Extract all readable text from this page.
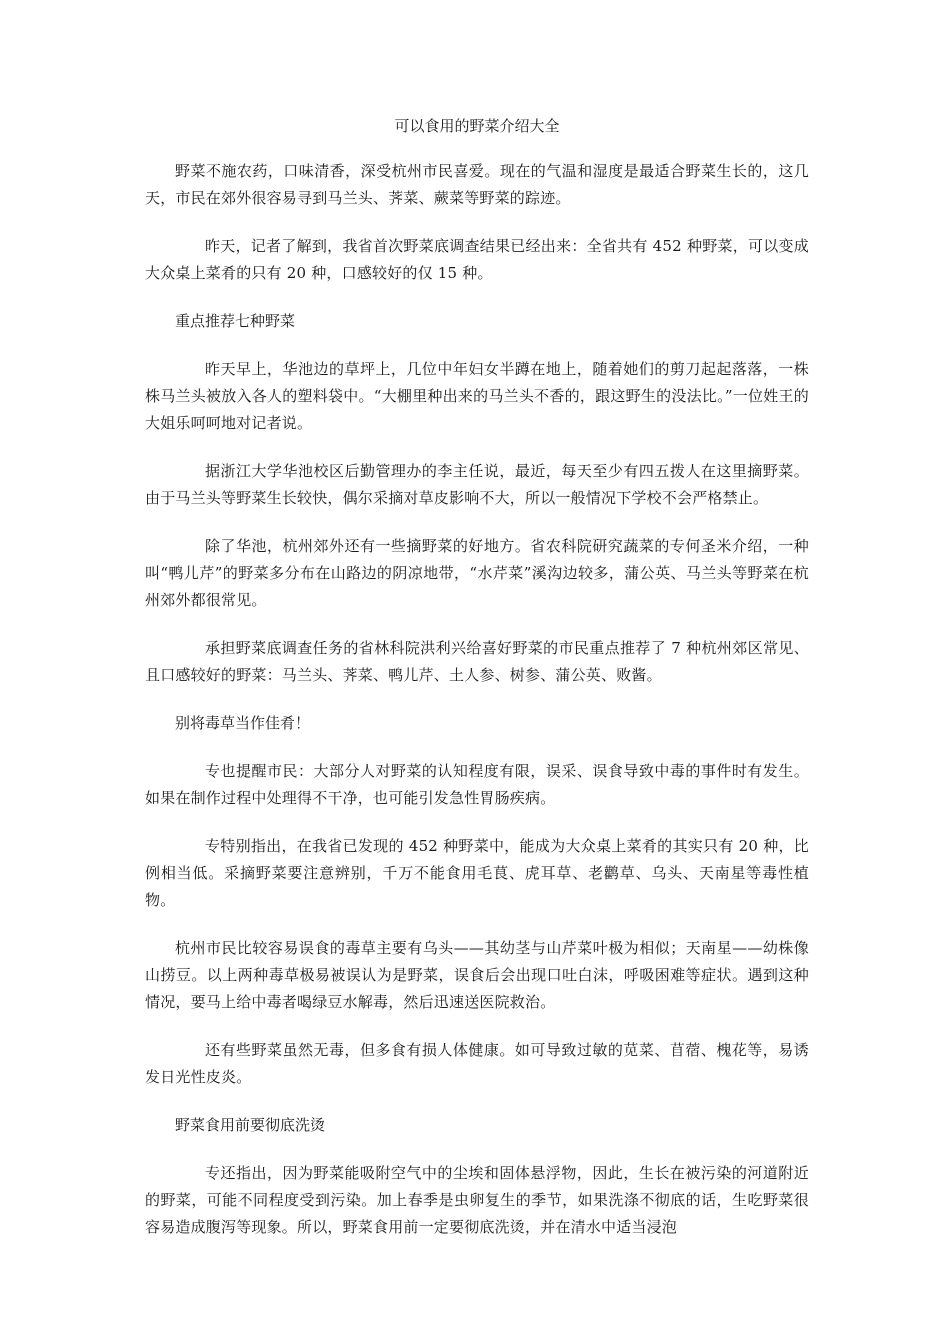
可以食用的野菜介绍大全

野菜不施农药，口味清香，深受杭州市民喜爱。现在的气温和湿度是最适合野菜生长的，这几天，市民在郊外很容易寻到马兰头、荠菜、蕨菜等野菜的踪迹。

昨天，记者了解到，我省首次野菜底调查结果已经出来：全省共有 452 种野菜，可以变成大众桌上菜肴的只有 20 种，口感较好的仅 15 种。

重点推荐七种野菜

昨天早上，华池边的草坪上，几位中年妇女半蹲在地上，随着她们的剪刀起起落落，一株株马兰头被放入各人的塑料袋中。“大棚里种出来的马兰头不香的，跟这野生的没法比。”一位姓王的大姐乐呵呵地对记者说。

据浙江大学华池校区后勤管理办的李主任说，最近，每天至少有四五拨人在这里摘野菜。由于马兰头等野菜生长较快，偶尔采摘对草皮影响不大，所以一般情况下学校不会严格禁止。

除了华池，杭州郊外还有一些摘野菜的好地方。省农科院研究蔬菜的专何圣米介绍，一种叫“鸭儿芹”的野菜多分布在山路边的阴凉地带，“水芹菜”溪沟边较多，蒲公英、马兰头等野菜在杭州郊外都很常见。

承担野菜底调查任务的省林科院洪利兴给喜好野菜的市民重点推荐了 7 种杭州郊区常见、且口感较好的野菜：马兰头、荠菜、鸭儿芹、土人参、树参、蒲公英、败酱。

别将毒草当作佳肴！

专也提醒市民：大部分人对野菜的认知程度有限，误采、误食导致中毒的事件时有发生。如果在制作过程中处理得不干净，也可能引发急性胃肠疾病。

专特别指出，在我省已发现的 452 种野菜中，能成为大众桌上菜肴的其实只有 20 种，比例相当低。采摘野菜要注意辨别，千万不能食用毛茛、虎耳草、老鹳草、乌头、天南星等毒性植物。

杭州市民比较容易误食的毒草主要有乌头——其幼茎与山芹菜叶极为相似；天南星——幼株像山捞豆。以上两种毒草极易被误认为是野菜，误食后会出现口吐白沫，呼吸困难等症状。遇到这种情况，要马上给中毒者喝绿豆水解毒，然后迅速送医院救治。

还有些野菜虽然无毒，但多食有损人体健康。如可导致过敏的苋菜、苜蓿、槐花等，易诱发日光性皮炎。

野菜食用前要彻底洗烫

专还指出，因为野菜能吸附空气中的尘埃和固体悬浮物，因此，生长在被污染的河道附近的野菜，可能不同程度受到污染。加上春季是虫卵复生的季节，如果洗涤不彻底的话，生吃野菜很容易造成腹泻等现象。所以，野菜食用前一定要彻底洗烫，并在清水中适当浸泡
